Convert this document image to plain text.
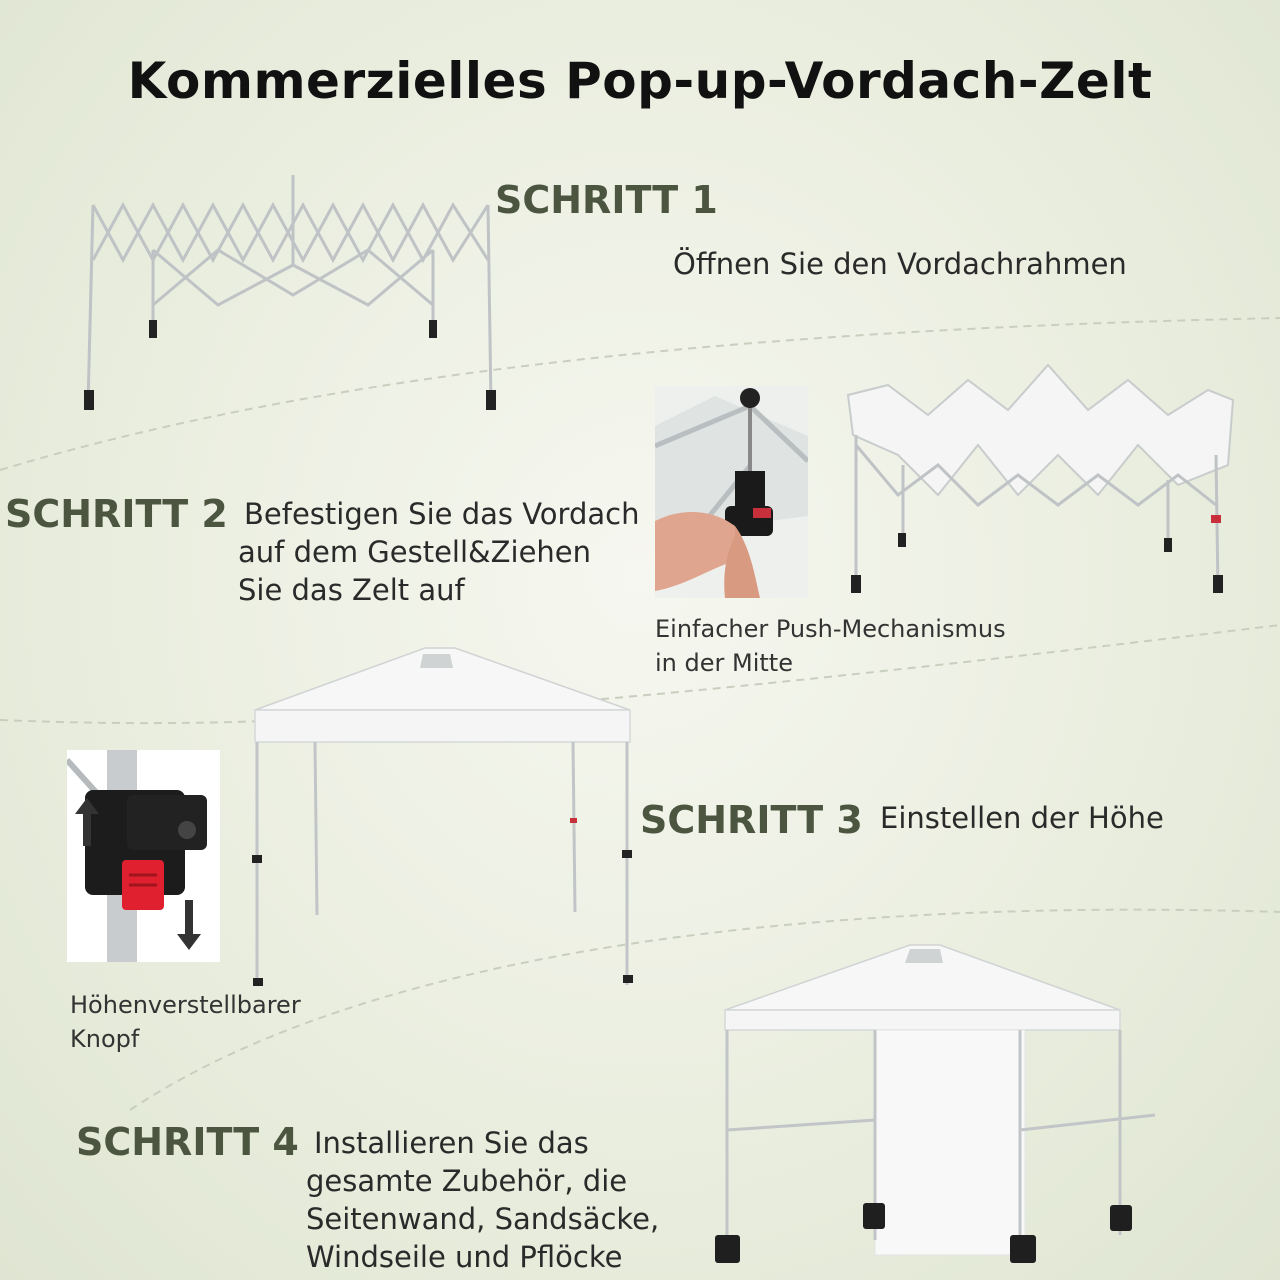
Kommerzielles Pop-up-Vordach-Zelt
SCHRITT 1
Öffnen Sie den Vordachrahmen
SCHRITT 2 Befestigen Sie das Vordach
auf dem Gestell&Ziehen
Sie das Zelt auf
Einfacher Push-Mechanismus
in der Mitte
SCHRITT 3 Einstellen der Höhe
Höhenverstellbarer
Knopf
SCHRITT 4 Installieren Sie das
gesamte Zubehör, die
Seitenwand, Sandsäcke,
Windseile und Pflöcke
